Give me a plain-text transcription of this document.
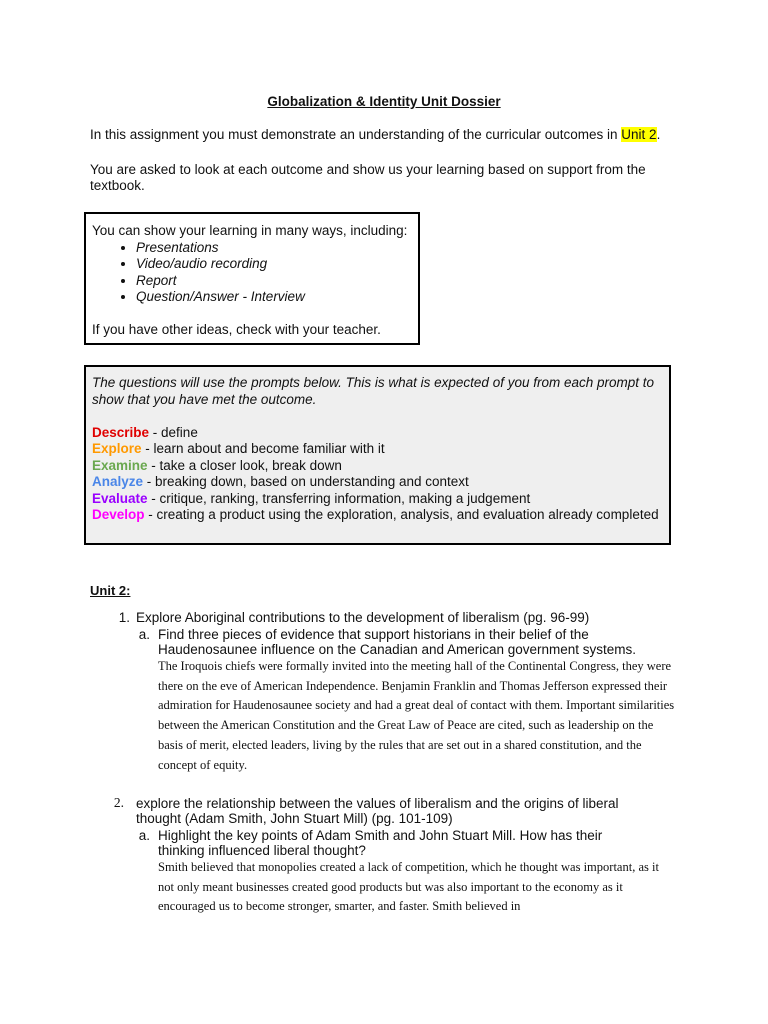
Globalization & Identity Unit Dossier
In this assignment you must demonstrate an understanding of the curricular outcomes in Unit 2.
You are asked to look at each outcome and show us your learning based on support from the textbook.
You can show your learning in many ways, including:
• Presentations
• Video/audio recording
• Report
• Question/Answer - Interview
If you have other ideas, check with your teacher.
The questions will use the prompts below. This is what is expected of you from each prompt to show that you have met the outcome.
Describe - define
Explore - learn about and become familiar with it
Examine - take a closer look, break down
Analyze - breaking down, based on understanding and context
Evaluate - critique, ranking, transferring information, making a judgement
Develop - creating a product using the exploration, analysis, and evaluation already completed
Unit 2:
1. Explore Aboriginal contributions to the development of liberalism (pg. 96-99)
a. Find three pieces of evidence that support historians in their belief of the Haudenosaunee influence on the Canadian and American government systems.
The Iroquois chiefs were formally invited into the meeting hall of the Continental Congress, they were there on the eve of American Independence. Benjamin Franklin and Thomas Jefferson expressed their admiration for Haudenosaunee society and had a great deal of contact with them. Important similarities between the American Constitution and the Great Law of Peace are cited, such as leadership on the basis of merit, elected leaders, living by the rules that are set out in a shared constitution, and the concept of equity.
2. explore the relationship between the values of liberalism and the origins of liberal thought (Adam Smith, John Stuart Mill) (pg. 101-109)
a. Highlight the key points of Adam Smith and John Stuart Mill. How has their thinking influenced liberal thought?
Smith believed that monopolies created a lack of competition, which he thought was important, as it not only meant businesses created good products but was also important to the economy as it encouraged us to become stronger, smarter, and faster. Smith believed in
